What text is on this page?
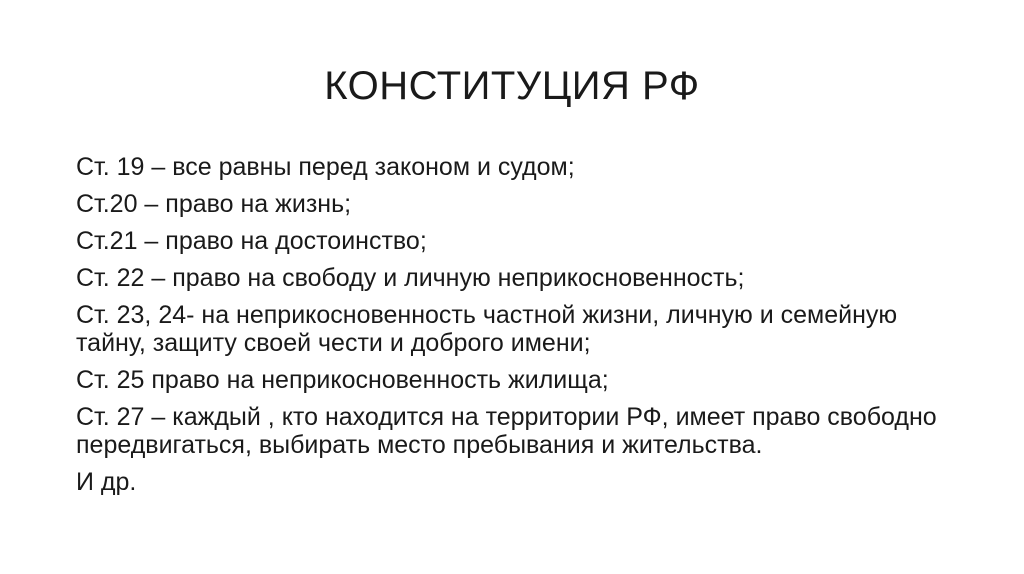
КОНСТИТУЦИЯ РФ
Ст. 19 – все равны перед законом и судом;
Ст.20 – право на жизнь;
Ст.21 – право на достоинство;
Ст. 22 – право на свободу и личную неприкосновенность;
Ст. 23, 24- на неприкосновенность частной жизни, личную и семейную тайну, защиту своей чести и доброго имени;
Ст. 25 право на неприкосновенность жилища;
Ст. 27 – каждый , кто находится на территории РФ, имеет право свободно передвигаться, выбирать место пребывания и жительства.
И др.
